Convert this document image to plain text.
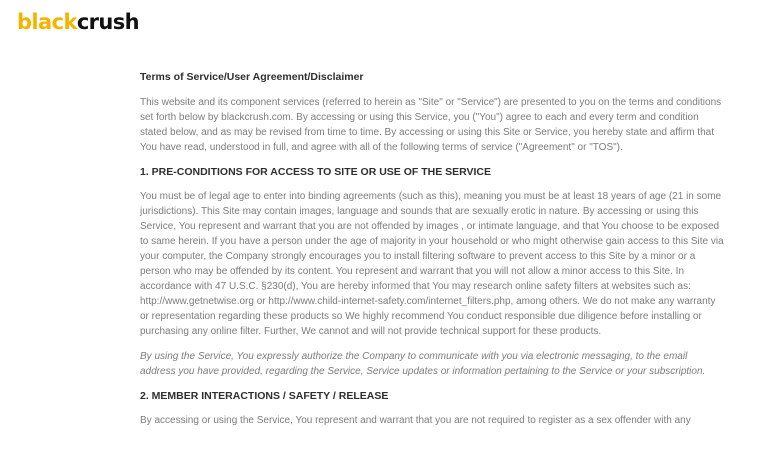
blackcrush
Terms of Service/User Agreement/Disclaimer

This website and its component services (referred to herein as "Site" or "Service") are presented to you on the terms and conditions set forth below by blackcrush.com. By accessing or using this Service, you ("You") agree to each and every term and condition stated below, and as may be revised from time to time. By accessing or using this Site or Service, you hereby state and affirm that You have read, understood in full, and agree with all of the following terms of service ("Agreement" or "TOS").

1. PRE-CONDITIONS FOR ACCESS TO SITE OR USE OF THE SERVICE

You must be of legal age to enter into binding agreements (such as this), meaning you must be at least 18 years of age (21 in some jurisdictions). This Site may contain images, language and sounds that are sexually erotic in nature. By accessing or using this Service, You represent and warrant that you are not offended by images , or intimate language, and that You choose to be exposed to same herein. If you have a person under the age of majority in your household or who might otherwise gain access to this Site via your computer, the Company strongly encourages you to install filtering software to prevent access to this Site by a minor or a person who may be offended by its content. You represent and warrant that you will not allow a minor access to this Site. In accordance with 47 U.S.C. §230(d), You are hereby informed that You may research online safety filters at websites such as: http://www.getnetwise.org or http://www.child-internet-safety.com/internet_filters.php, among others. We do not make any warranty or representation regarding these products so We highly recommend You conduct responsible due diligence before installing or purchasing any online filter. Further, We cannot and will not provide technical support for these products.

By using the Service, You expressly authorize the Company to communicate with you via electronic messaging, to the email address you have provided, regarding the Service, Service updates or information pertaining to the Service or your subscription.

2. MEMBER INTERACTIONS / SAFETY / RELEASE

By accessing or using the Service, You represent and warrant that you are not required to register as a sex offender with any
